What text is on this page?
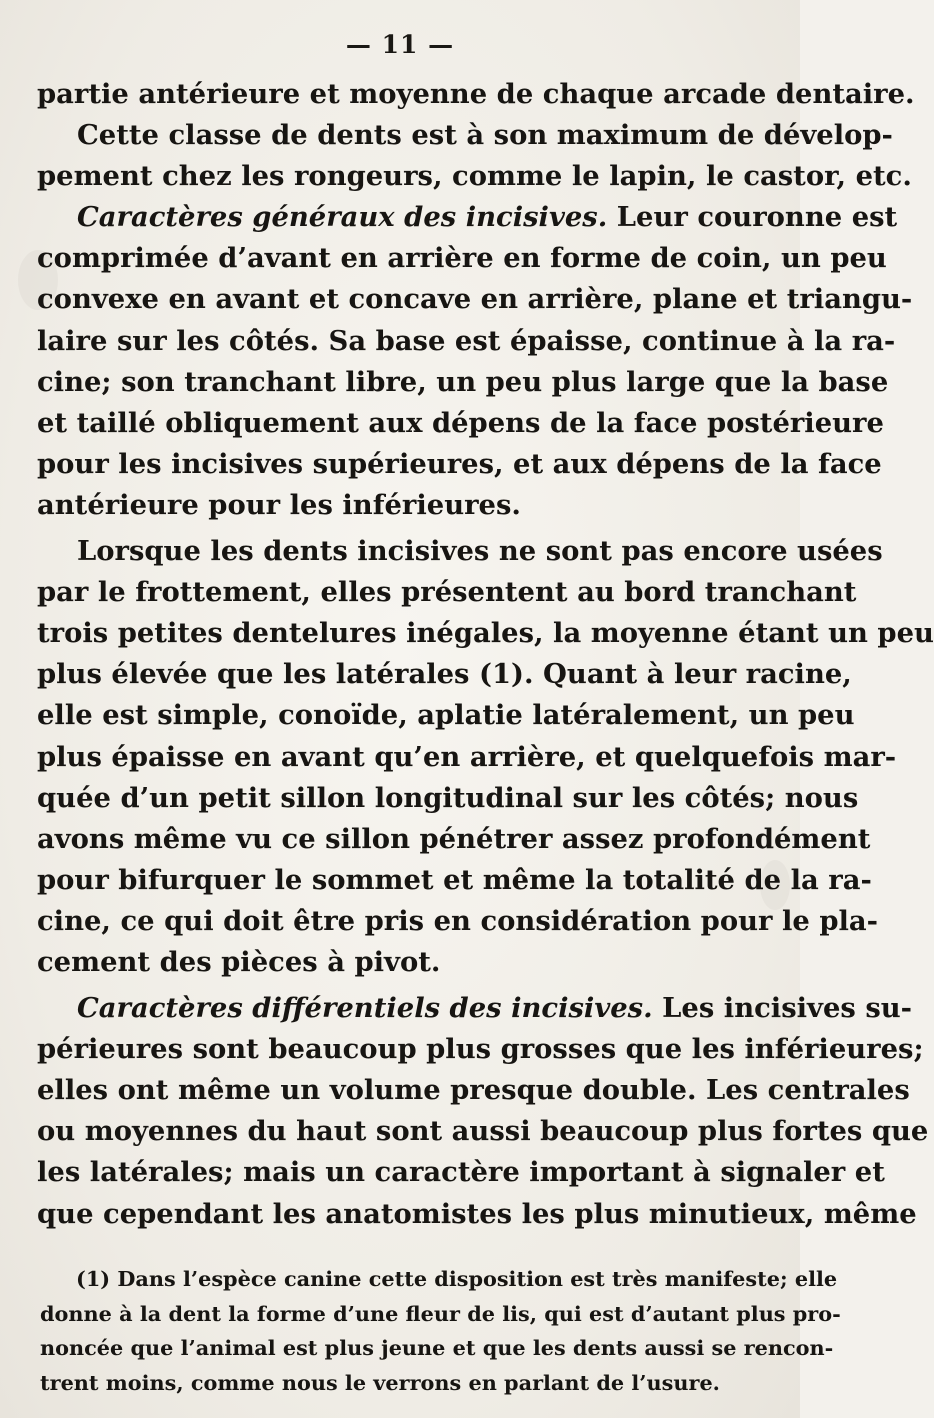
— 11 —
partie antérieure et moyenne de chaque arcade dentaire.
Cette classe de dents est à son maximum de dévelop-
pement chez les rongeurs, comme le lapin, le castor, etc.
Caractères généraux des incisives. Leur couronne est
comprimée d’avant en arrière en forme de coin, un peu
convexe en avant et concave en arrière, plane et triangu-
laire sur les côtés. Sa base est épaisse, continue à la ra-
cine; son tranchant libre, un peu plus large que la base
et taillé obliquement aux dépens de la face postérieure
pour les incisives supérieures, et aux dépens de la face
antérieure pour les inférieures.
Lorsque les dents incisives ne sont pas encore usées
par le frottement, elles présentent au bord tranchant
trois petites dentelures inégales, la moyenne étant un peu
plus élevée que les latérales (1). Quant à leur racine,
elle est simple, conoïde, aplatie latéralement, un peu
plus épaisse en avant qu’en arrière, et quelquefois mar-
quée d’un petit sillon longitudinal sur les côtés; nous
avons même vu ce sillon pénétrer assez profondément
pour bifurquer le sommet et même la totalité de la ra-
cine, ce qui doit être pris en considération pour le pla-
cement des pièces à pivot.
Caractères différentiels des incisives. Les incisives su-
périeures sont beaucoup plus grosses que les inférieures;
elles ont même un volume presque double. Les centrales
ou moyennes du haut sont aussi beaucoup plus fortes que
les latérales; mais un caractère important à signaler et
que cependant les anatomistes les plus minutieux, même
(1) Dans l’espèce canine cette disposition est très manifeste; elle
donne à la dent la forme d’une fleur de lis, qui est d’autant plus pro-
noncée que l’animal est plus jeune et que les dents aussi se rencon-
trent moins, comme nous le verrons en parlant de l’usure.
